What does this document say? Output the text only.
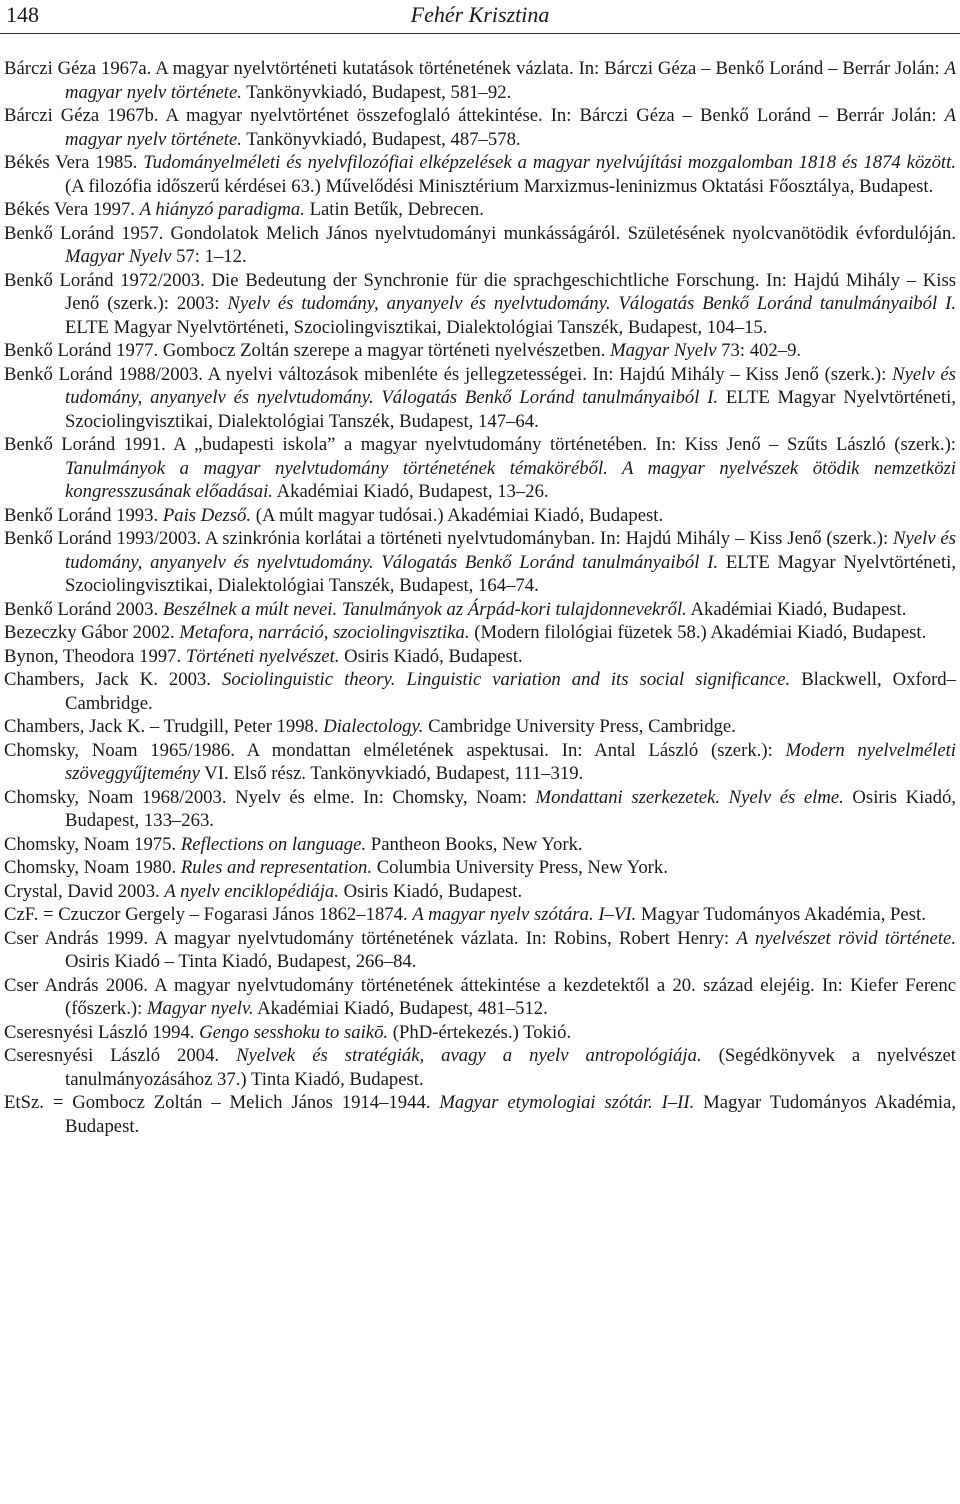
148	Fehér Krisztina

Bárczi Géza 1967a. A magyar nyelvtörténeti kutatások történetének vázlata. In: Bárczi Géza – Benkő Loránd – Berrár Jolán: A magyar nyelv története. Tankönyvkiadó, Budapest, 581–92.

Bárczi Géza 1967b. A magyar nyelvtörténet összefoglaló áttekintése. In: Bárczi Géza – Benkő Loránd – Berrár Jolán: A magyar nyelv története. Tankönyvkiadó, Budapest, 487–578.

Békés Vera 1985. Tudományelméleti és nyelvfilozófiai elképzelések a magyar nyelvújítási mozgalomban 1818 és 1874 között. (A filozófia időszerű kérdései 63.) Művelődési Minisztérium Marxizmus-leninizmus Oktatási Főosztálya, Budapest.

Békés Vera 1997. A hiányzó paradigma. Latin Betűk, Debrecen.

Benkő Loránd 1957. Gondolatok Melich János nyelvtudományi munkásságáról. Születésének nyolcvanötödik évfordulóján. Magyar Nyelv 57: 1–12.

Benkő Loránd 1972/2003. Die Bedeutung der Synchronie für die sprachgeschichtliche Forschung. In: Hajdú Mihály – Kiss Jenő (szerk.): 2003: Nyelv és tudomány, anyanyelv és nyelvtudomány. Válogatás Benkő Loránd tanulmányaiból I. ELTE Magyar Nyelvtörténeti, Szociolingvisztikai, Dialektológiai Tanszék, Budapest, 104–15.

Benkő Loránd 1977. Gombocz Zoltán szerepe a magyar történeti nyelvészetben. Magyar Nyelv 73: 402–9.

Benkő Loránd 1988/2003. A nyelvi változások mibenléte és jellegzetességei. In: Hajdú Mihály – Kiss Jenő (szerk.): Nyelv és tudomány, anyanyelv és nyelvtudomány. Válogatás Benkő Loránd tanulmányaiból I. ELTE Magyar Nyelvtörténeti, Szociolingvisztikai, Dialektológiai Tanszék, Budapest, 147–64.

Benkő Loránd 1991. A „budapesti iskola” a magyar nyelvtudomány történetében. In: Kiss Jenő – Szűts László (szerk.): Tanulmányok a magyar nyelvtudomány történetének témaköréből. A magyar nyelvészek ötödik nemzetközi kongresszusának előadásai. Akadémiai Kiadó, Budapest, 13–26.

Benkő Loránd 1993. Pais Dezső. (A múlt magyar tudósai.) Akadémiai Kiadó, Budapest.

Benkő Loránd 1993/2003. A szinkrónia korlátai a történeti nyelvtudományban. In: Hajdú Mihály – Kiss Jenő (szerk.): Nyelv és tudomány, anyanyelv és nyelvtudomány. Válogatás Benkő Loránd tanulmányaiból I. ELTE Magyar Nyelvtörténeti, Szociolingvisztikai, Dialektológiai Tanszék, Budapest, 164–74.

Benkő Loránd 2003. Beszélnek a múlt nevei. Tanulmányok az Árpád-kori tulajdonnevekről. Akadémiai Kiadó, Budapest.

Bezeczky Gábor 2002. Metafora, narráció, szociolingvisztika. (Modern filológiai füzetek 58.) Akadémiai Kiadó, Budapest.

Bynon, Theodora 1997. Történeti nyelvészet. Osiris Kiadó, Budapest.

Chambers, Jack K. 2003. Sociolinguistic theory. Linguistic variation and its social significance. Blackwell, Oxford–Cambridge.

Chambers, Jack K. – Trudgill, Peter 1998. Dialectology. Cambridge University Press, Cambridge.

Chomsky, Noam 1965/1986. A mondattan elméletének aspektusai. In: Antal László (szerk.): Modern nyelvelméleti szöveggyűjtemény VI. Első rész. Tankönyvkiadó, Budapest, 111–319.

Chomsky, Noam 1968/2003. Nyelv és elme. In: Chomsky, Noam: Mondattani szerkezetek. Nyelv és elme. Osiris Kiadó, Budapest, 133–263.

Chomsky, Noam 1975. Reflections on language. Pantheon Books, New York.

Chomsky, Noam 1980. Rules and representation. Columbia University Press, New York.

Crystal, David 2003. A nyelv enciklopédiája. Osiris Kiadó, Budapest.

CzF. = Czuczor Gergely – Fogarasi János 1862–1874. A magyar nyelv szótára. I–VI. Magyar Tudományos Akadémia, Pest.

Cser András 1999. A magyar nyelvtudomány történetének vázlata. In: Robins, Robert Henry: A nyelvészet rövid története. Osiris Kiadó – Tinta Kiadó, Budapest, 266–84.

Cser András 2006. A magyar nyelvtudomány történetének áttekintése a kezdetektől a 20. század elejéig. In: Kiefer Ferenc (főszerk.): Magyar nyelv. Akadémiai Kiadó, Budapest, 481–512.

Cseresnyési László 1994. Gengo sesshoku to saikō. (PhD-értekezés.) Tokió.

Cseresnyési László 2004. Nyelvek és stratégiák, avagy a nyelv antropológiája. (Segédkönyvek a nyelvészet tanulmányozásához 37.) Tinta Kiadó, Budapest.

EtSz. = Gombocz Zoltán – Melich János 1914–1944. Magyar etymologiai szótár. I–II. Magyar Tudományos Akadémia, Budapest.
